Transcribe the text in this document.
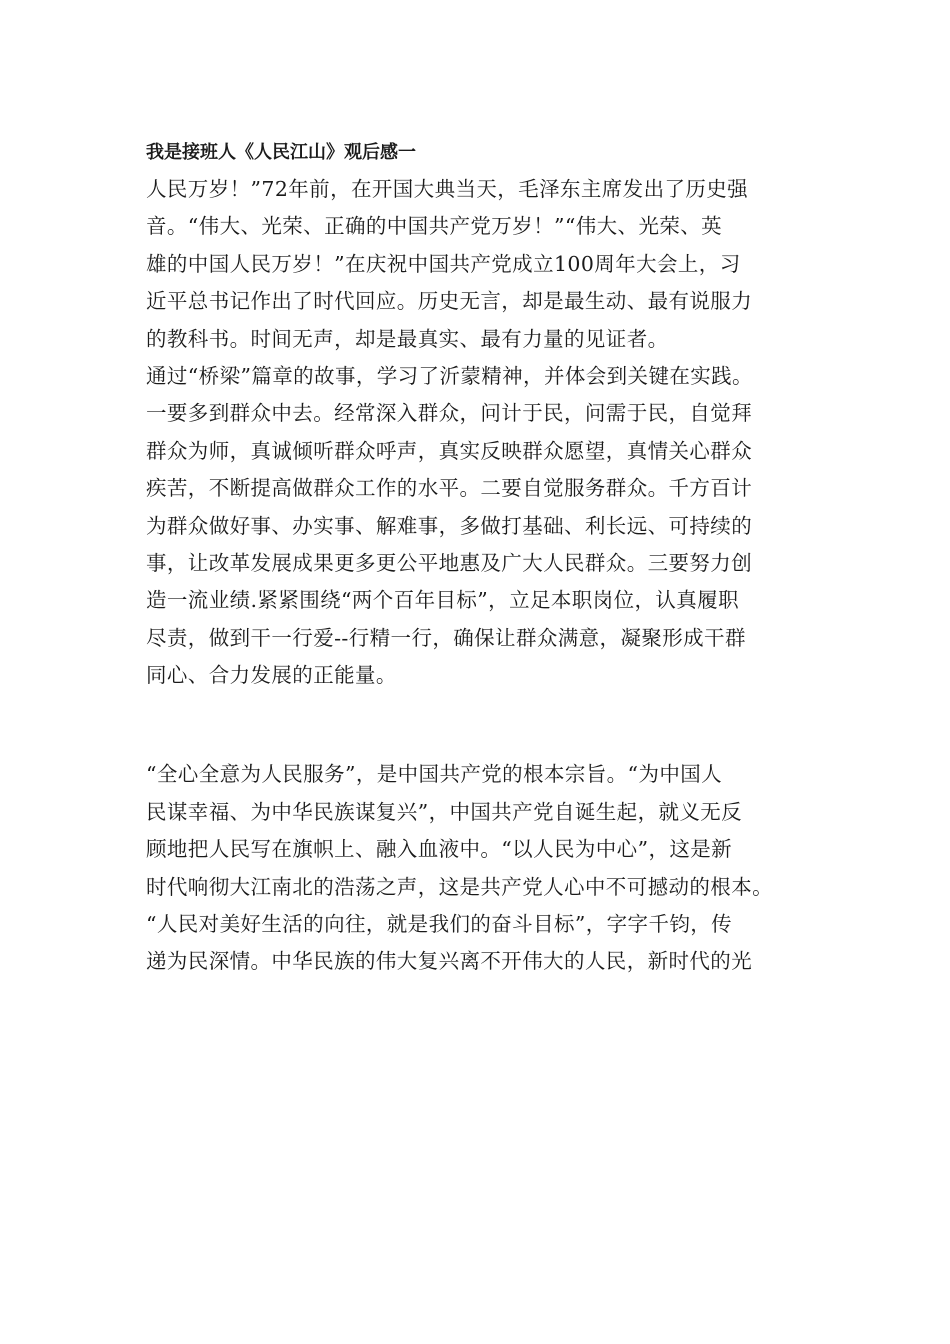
我是接班人《人民江山》观后感一
人民万岁！”72年前，在开国大典当天，毛泽东主席发出了历史强
音。“伟大、光荣、正确的中国共产党万岁！”“伟大、光荣、英
雄的中国人民万岁！”在庆祝中国共产党成立100周年大会上，习
近平总书记作出了时代回应。历史无言，却是最生动、最有说服力
的教科书。时间无声，却是最真实、最有力量的见证者。
通过“桥梁”篇章的故事，学习了沂蒙精神，并体会到关键在实践。
一要多到群众中去。经常深入群众，问计于民，问需于民，自觉拜
群众为师，真诚倾听群众呼声，真实反映群众愿望，真情关心群众
疾苦，不断提高做群众工作的水平。二要自觉服务群众。千方百计
为群众做好事、办实事、解难事，多做打基础、利长远、可持续的
事，让改革发展成果更多更公平地惠及广大人民群众。三要努力创
造一流业绩.紧紧围绕“两个百年目标”，立足本职岗位，认真履职
尽责，做到干一行爱--行精一行，确保让群众满意，凝聚形成干群
同心、合力发展的正能量。
“全心全意为人民服务”，是中国共产党的根本宗旨。“为中国人
民谋幸福、为中华民族谋复兴”，中国共产党自诞生起，就义无反
顾地把人民写在旗帜上、融入血液中。“以人民为中心”，这是新
时代响彻大江南北的浩荡之声，这是共产党人心中不可撼动的根本。
“人民对美好生活的向往，就是我们的奋斗目标”，字字千钧，传
递为民深情。中华民族的伟大复兴离不开伟大的人民，新时代的光
